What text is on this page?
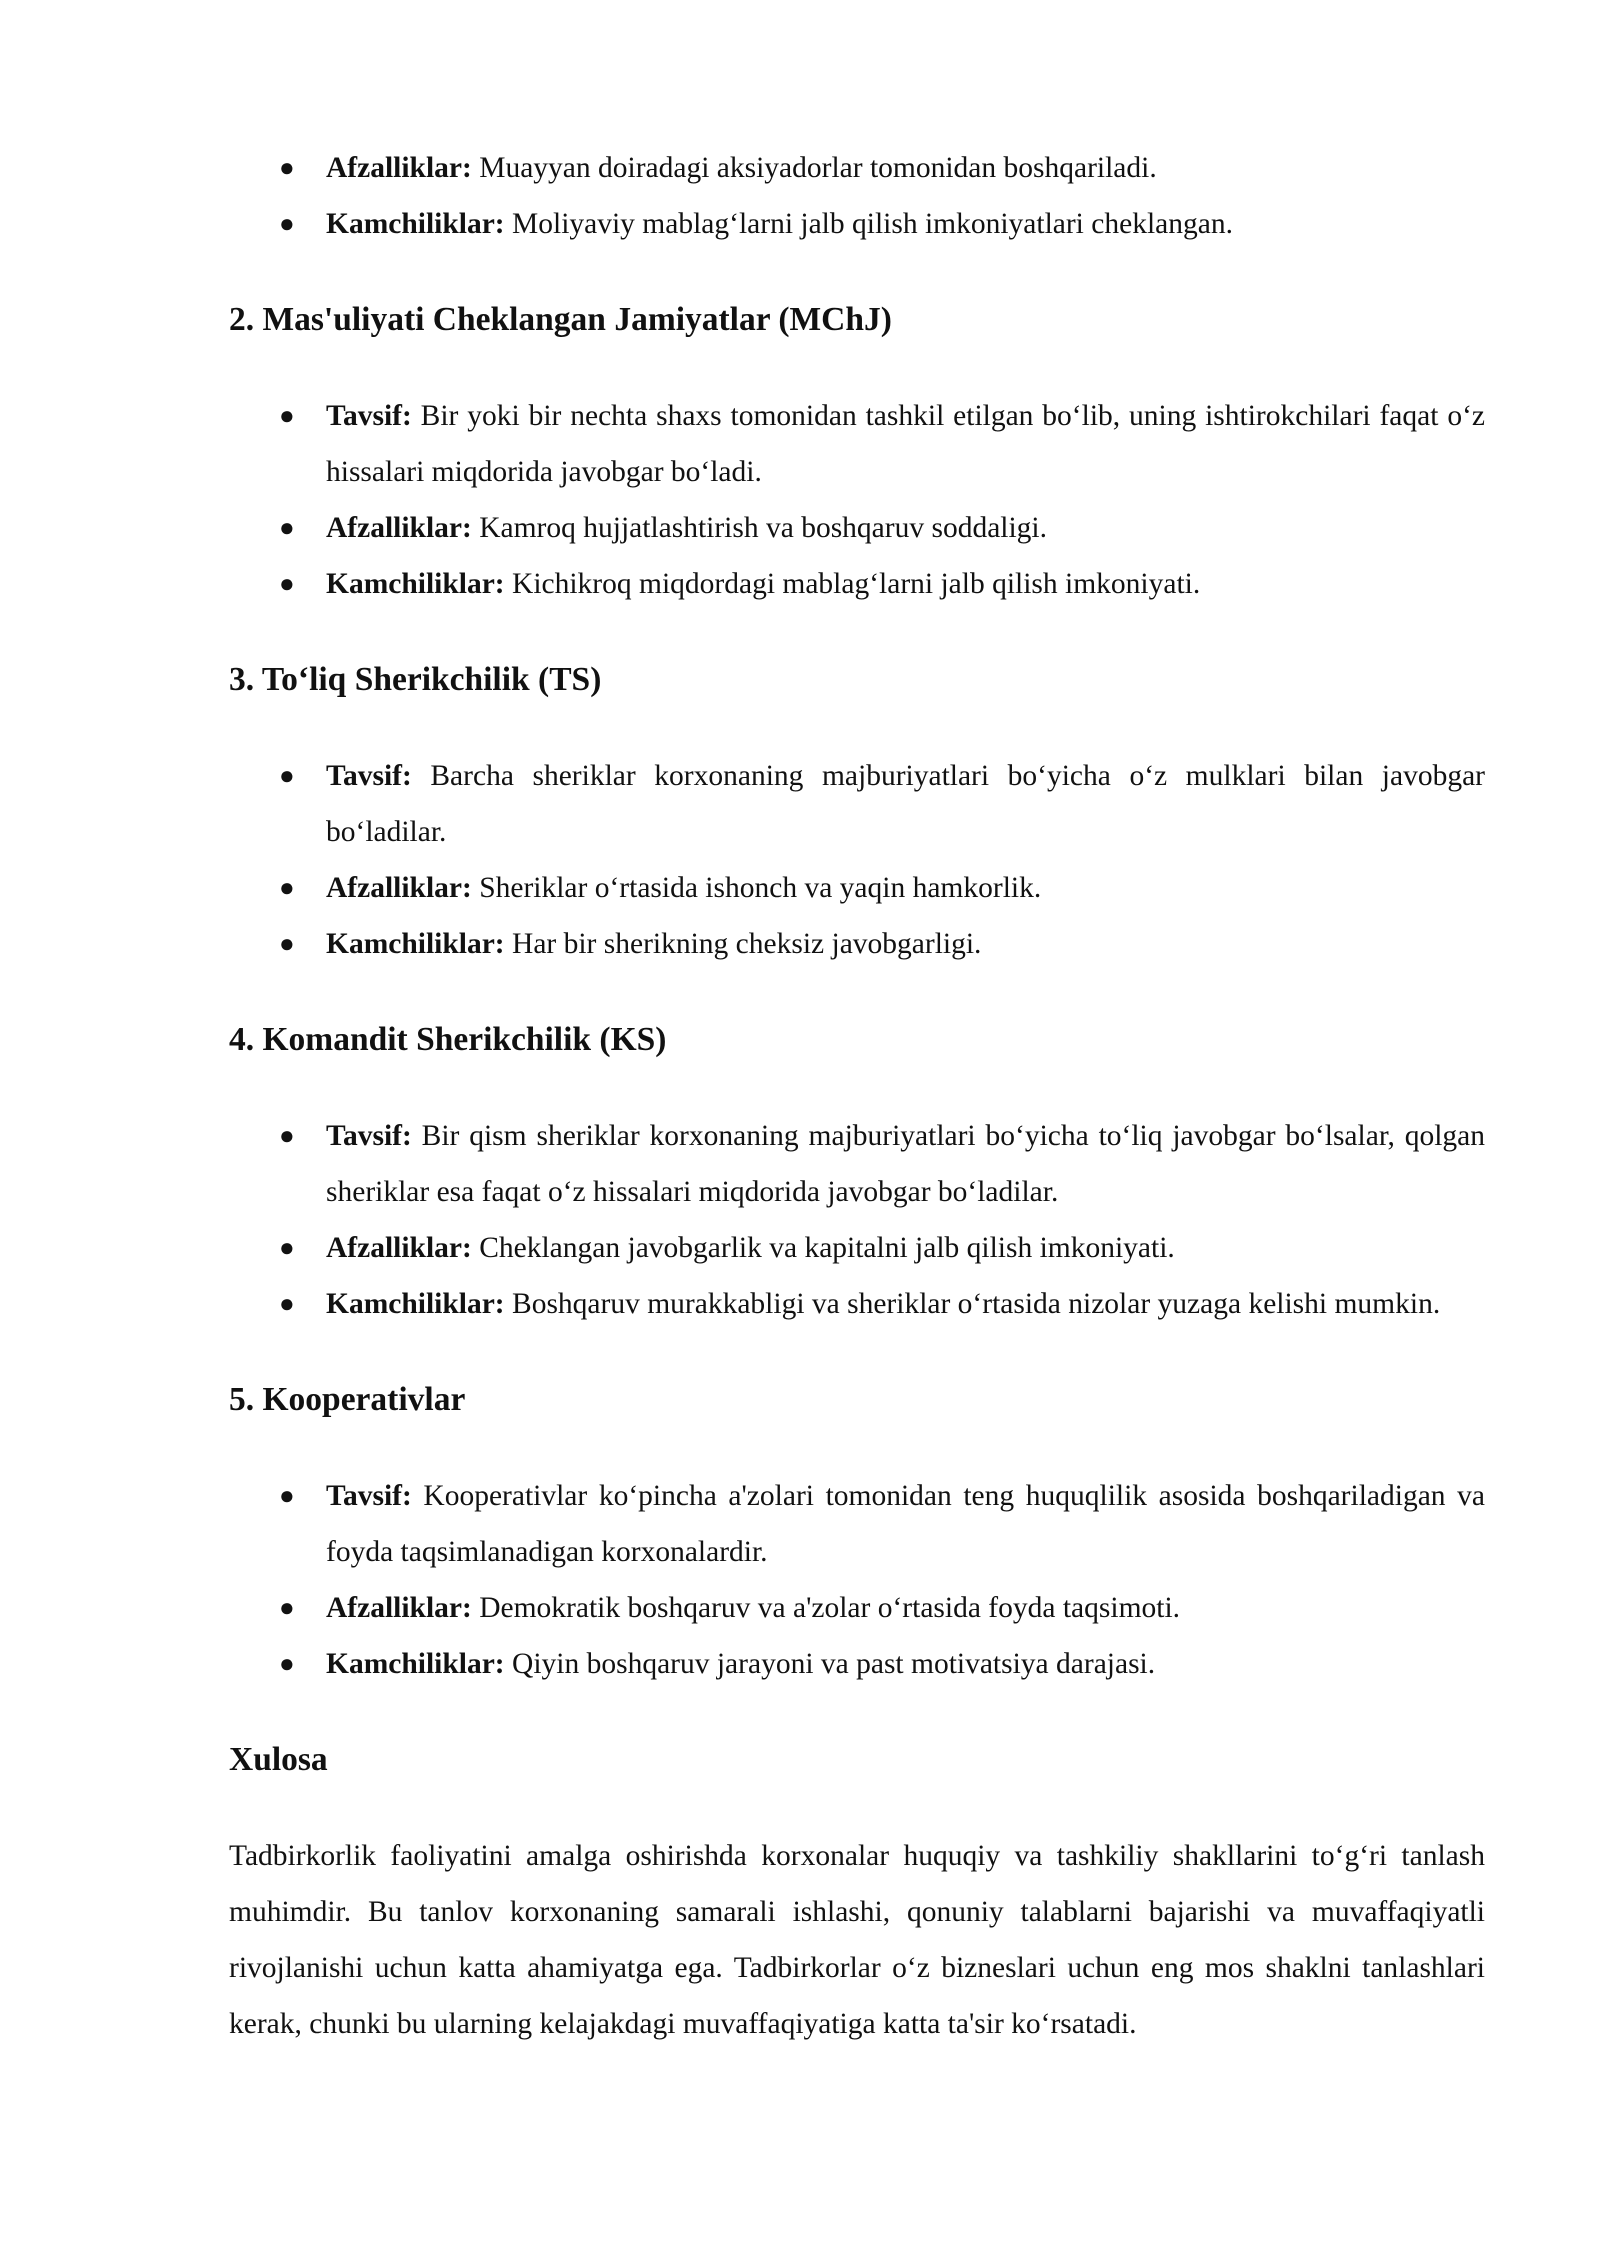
● Afzalliklar: Muayyan doiradagi aksiyadorlar tomonidan boshqariladi.
● Kamchiliklar: Moliyaviy mablag‘larni jalb qilish imkoniyatlari cheklangan.
2. Mas'uliyati Cheklangan Jamiyatlar (MChJ)
● Tavsif: Bir yoki bir nechta shaxs tomonidan tashkil etilgan bo‘lib, uning ishtirokchilari faqat o‘z hissalari miqdorida javobgar bo‘ladi.
● Afzalliklar: Kamroq hujjatlashtirish va boshqaruv soddaligi.
● Kamchiliklar: Kichikroq miqdordagi mablag‘larni jalb qilish imkoniyati.
3. To‘liq Sherikchilik (TS)
● Tavsif: Barcha sheriklar korxonaning majburiyatlari bo‘yicha o‘z mulklari bilan javobgar bo‘ladilar.
● Afzalliklar: Sheriklar o‘rtasida ishonch va yaqin hamkorlik.
● Kamchiliklar: Har bir sherikning cheksiz javobgarligi.
4. Komandit Sherikchilik (KS)
● Tavsif: Bir qism sheriklar korxonaning majburiyatlari bo‘yicha to‘liq javobgar bo‘lsalar, qolgan sheriklar esa faqat o‘z hissalari miqdorida javobgar bo‘ladilar.
● Afzalliklar: Cheklangan javobgarlik va kapitalni jalb qilish imkoniyati.
● Kamchiliklar: Boshqaruv murakkabligi va sheriklar o‘rtasida nizolar yuzaga kelishi mumkin.
5. Kooperativlar
● Tavsif: Kooperativlar ko‘pincha a'zolari tomonidan teng huquqlilik asosida boshqariladigan va foyda taqsimlanadigan korxonalardir.
● Afzalliklar: Demokratik boshqaruv va a'zolar o‘rtasida foyda taqsimoti.
● Kamchiliklar: Qiyin boshqaruv jarayoni va past motivatsiya darajasi.
Xulosa

Tadbirkorlik faoliyatini amalga oshirishda korxonalar huquqiy va tashkiliy shakllarini to‘g‘ri tanlash muhimdir. Bu tanlov korxonaning samarali ishlashi, qonuniy talablarni bajarishi va muvaffaqiyatli rivojlanishi uchun katta ahamiyatga ega. Tadbirkorlar o‘z bizneslari uchun eng mos shaklni tanlashlari kerak, chunki bu ularning kelajakdagi muvaffaqiyatiga katta ta'sir ko‘rsatadi.
